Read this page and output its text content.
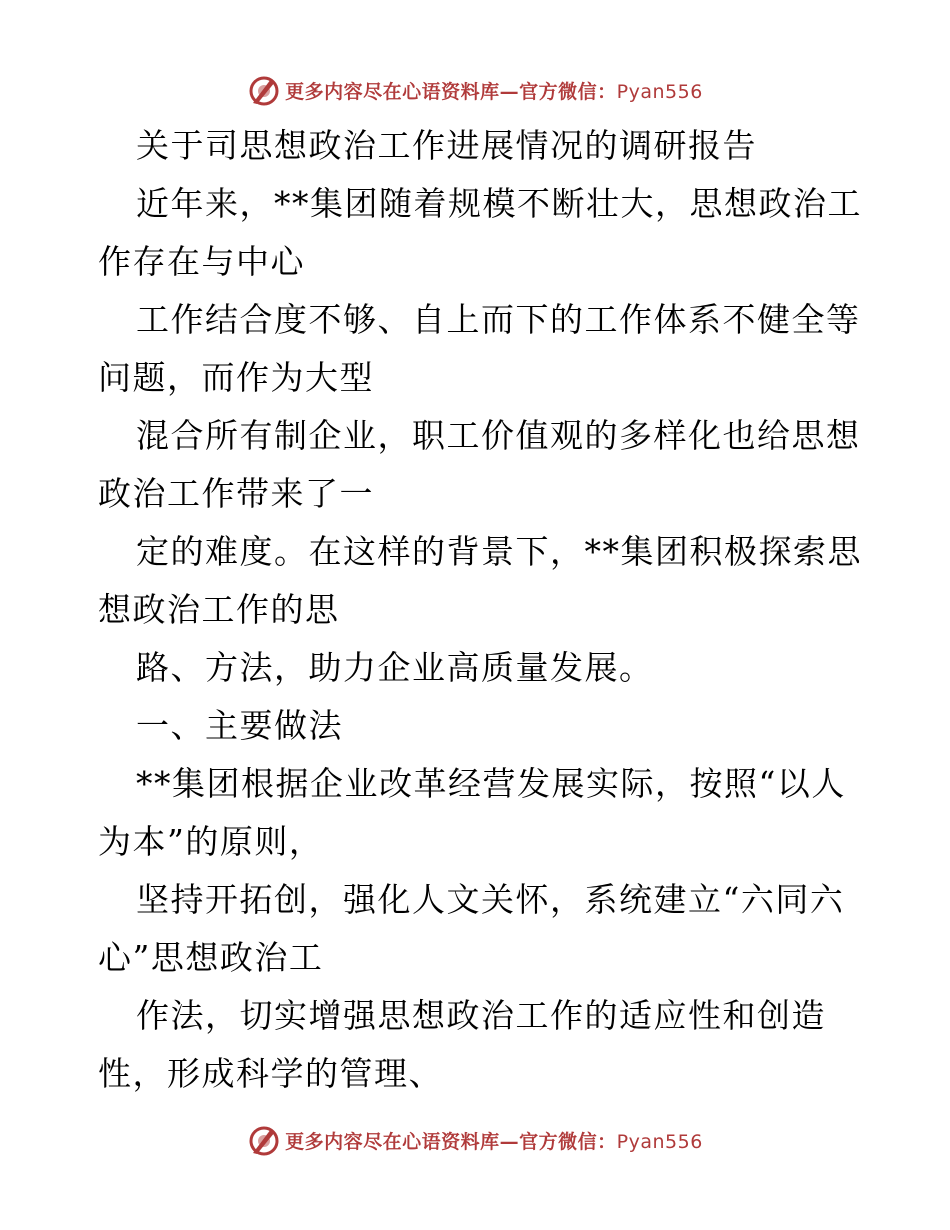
更多内容尽在心语资料库—官方微信：Pyan556
关于司思想政治工作进展情况的调研报告
近年来，**集团随着规模不断壮大，思想政治工
作存在与中心
工作结合度不够、自上而下的工作体系不健全等
问题，而作为大型
混合所有制企业，职工价值观的多样化也给思想
政治工作带来了一
定的难度。在这样的背景下，**集团积极探索思
想政治工作的思
路、方法，助力企业高质量发展。
一、主要做法
**集团根据企业改革经营发展实际，按照“以人
为本”的原则，
坚持开拓创，强化人文关怀，系统建立“六同六
心”思想政治工
作法，切实增强思想政治工作的适应性和创造
性，形成科学的管理、
更多内容尽在心语资料库—官方微信：Pyan556
